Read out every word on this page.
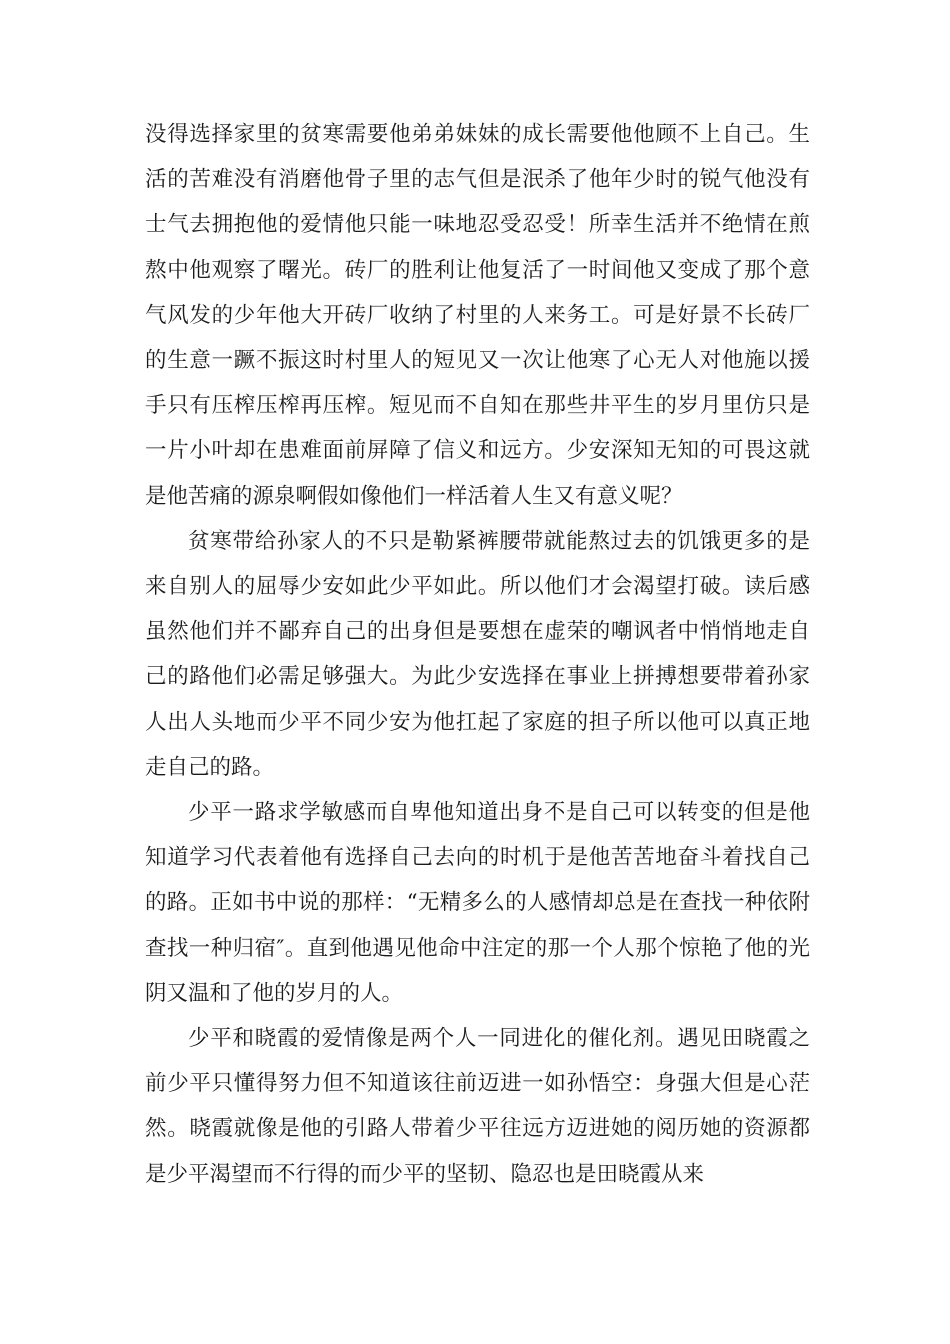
没得选择家里的贫寒需要他弟弟妹妹的成长需要他他顾不上自己。生活的苦难没有消磨他骨子里的志气但是泯杀了他年少时的锐气他没有士气去拥抱他的爱情他只能一味地忍受忍受！所幸生活并不绝情在煎熬中他观察了曙光。砖厂的胜利让他复活了一时间他又变成了那个意气风发的少年他大开砖厂收纳了村里的人来务工。可是好景不长砖厂的生意一蹶不振这时村里人的短见又一次让他寒了心无人对他施以援手只有压榨压榨再压榨。短见而不自知在那些井平生的岁月里仿只是一片小叶却在患难面前屏障了信义和远方。少安深知无知的可畏这就是他苦痛的源泉啊假如像他们一样活着人生又有意义呢？

贫寒带给孙家人的不只是勒紧裤腰带就能熬过去的饥饿更多的是来自别人的屈辱少安如此少平如此。所以他们才会渴望打破。读后感虽然他们并不鄙弃自己的出身但是要想在虚荣的嘲讽者中悄悄地走自己的路他们必需足够强大。为此少安选择在事业上拼搏想要带着孙家人出人头地而少平不同少安为他扛起了家庭的担子所以他可以真正地走自己的路。

少平一路求学敏感而自卑他知道出身不是自己可以转变的但是他知道学习代表着他有选择自己去向的时机于是他苦苦地奋斗着找自己的路。正如书中说的那样：“无精多么的人感情却总是在查找一种依附查找一种归宿″。直到他遇见他命中注定的那一个人那个惊艳了他的光阴又温和了他的岁月的人。

少平和晓霞的爱情像是两个人一同进化的催化剂。遇见田晓霞之前少平只懂得努力但不知道该往前迈进一如孙悟空：身强大但是心茫然。晓霞就像是他的引路人带着少平往远方迈进她的阅历她的资源都是少平渴望而不行得的而少平的坚韧、隐忍也是田晓霞从来
